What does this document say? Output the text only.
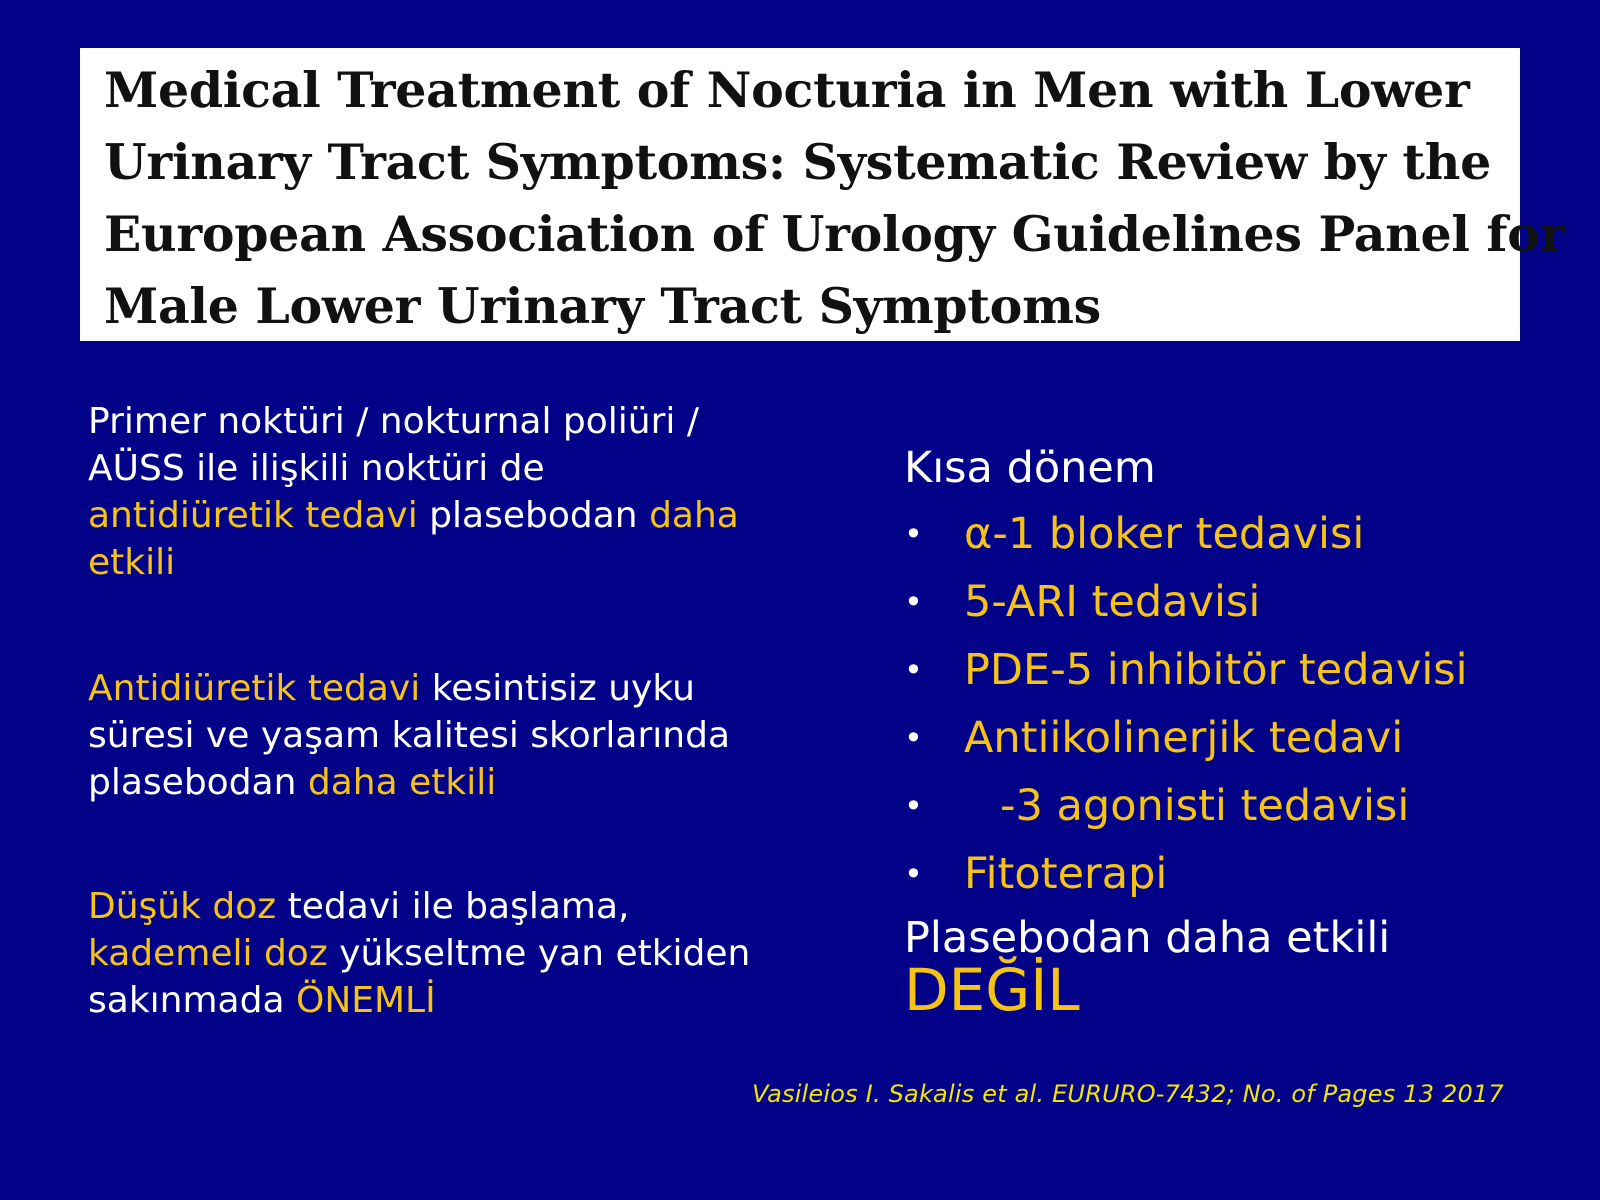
Medical Treatment of Nocturia in Men with Lower
Urinary Tract Symptoms: Systematic Review by the
European Association of Urology Guidelines Panel for
Male Lower Urinary Tract Symptoms

Primer noktüri / nokturnal poliüri / AÜSS ile ilişkili noktüri de antidiüretik tedavi plasebodan daha etkili

Antidiüretik tedavi kesintisiz uyku süresi ve yaşam kalitesi skorlarında plasebodan daha etkili

Düşük doz tedavi ile başlama, kademeli doz yükseltme yan etkiden sakınmada ÖNEMLİ

Kısa dönem
• α-1 bloker tedavisi
• 5-ARI tedavisi
• PDE-5 inhibitör tedavisi
• Antiikolinerjik tedavi
• -3 agonisti tedavisi
• Fitoterapi
Plasebodan daha etkili
DEĞİL
Vasileios I. Sakalis et al. EURURO-7432; No. of Pages 13 2017
